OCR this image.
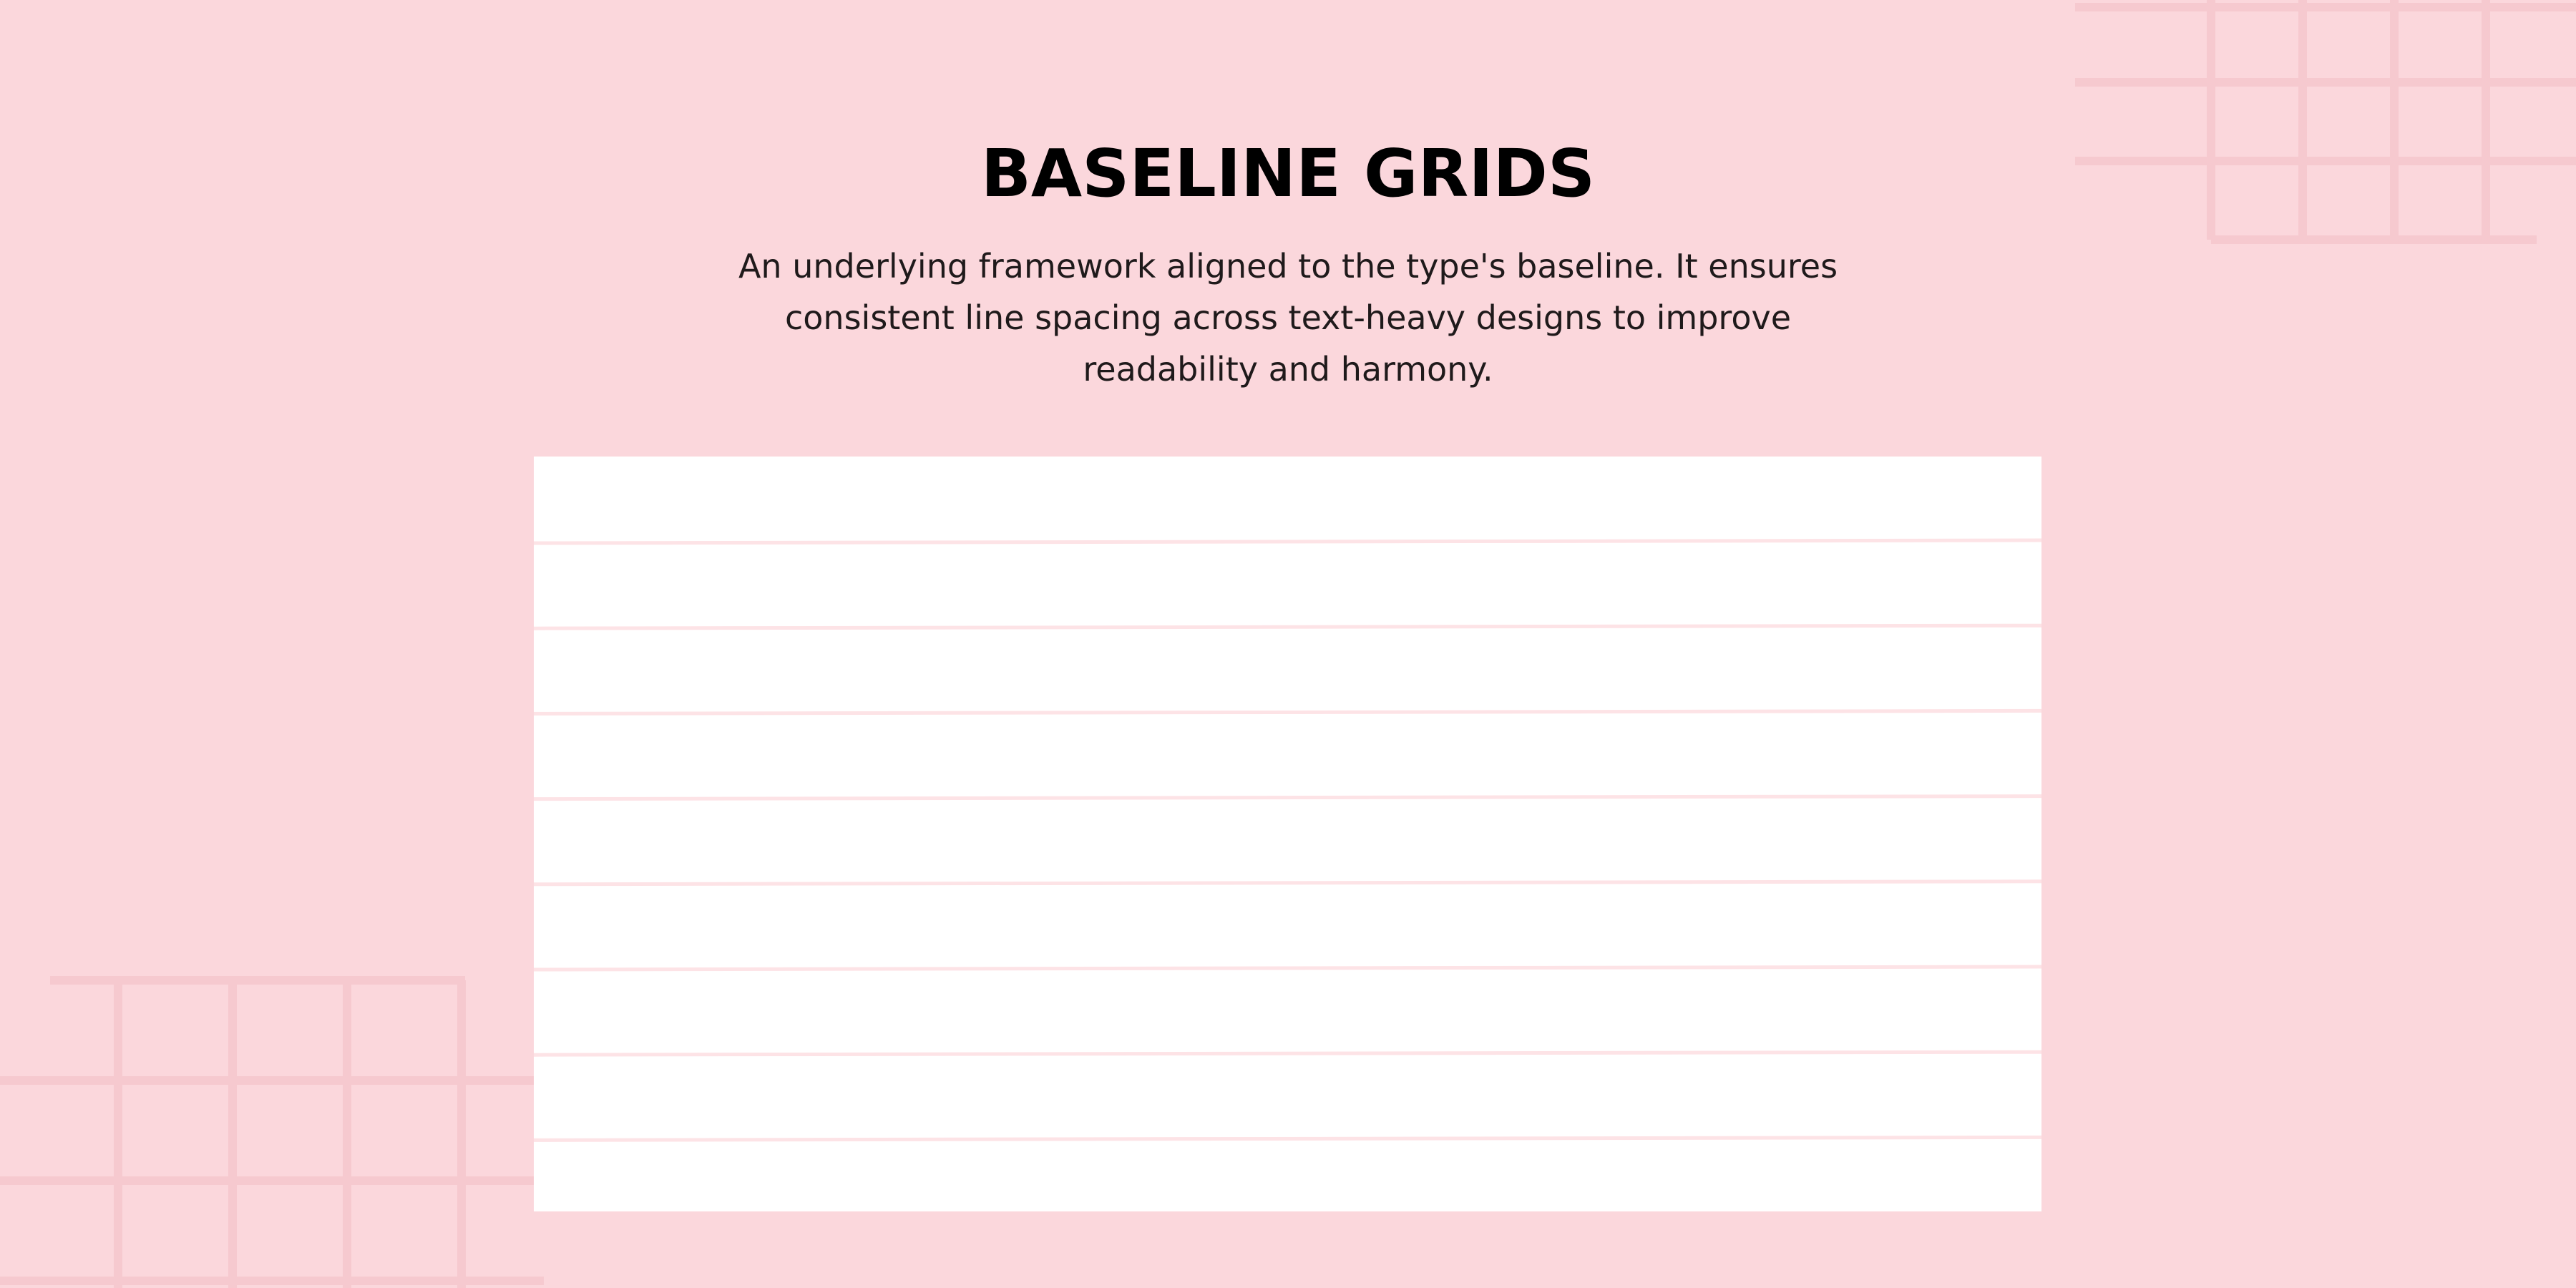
BASELINE GRIDS
An underlying framework aligned to the type's baseline. It ensures
consistent line spacing across text-heavy designs to improve
readability and harmony.
